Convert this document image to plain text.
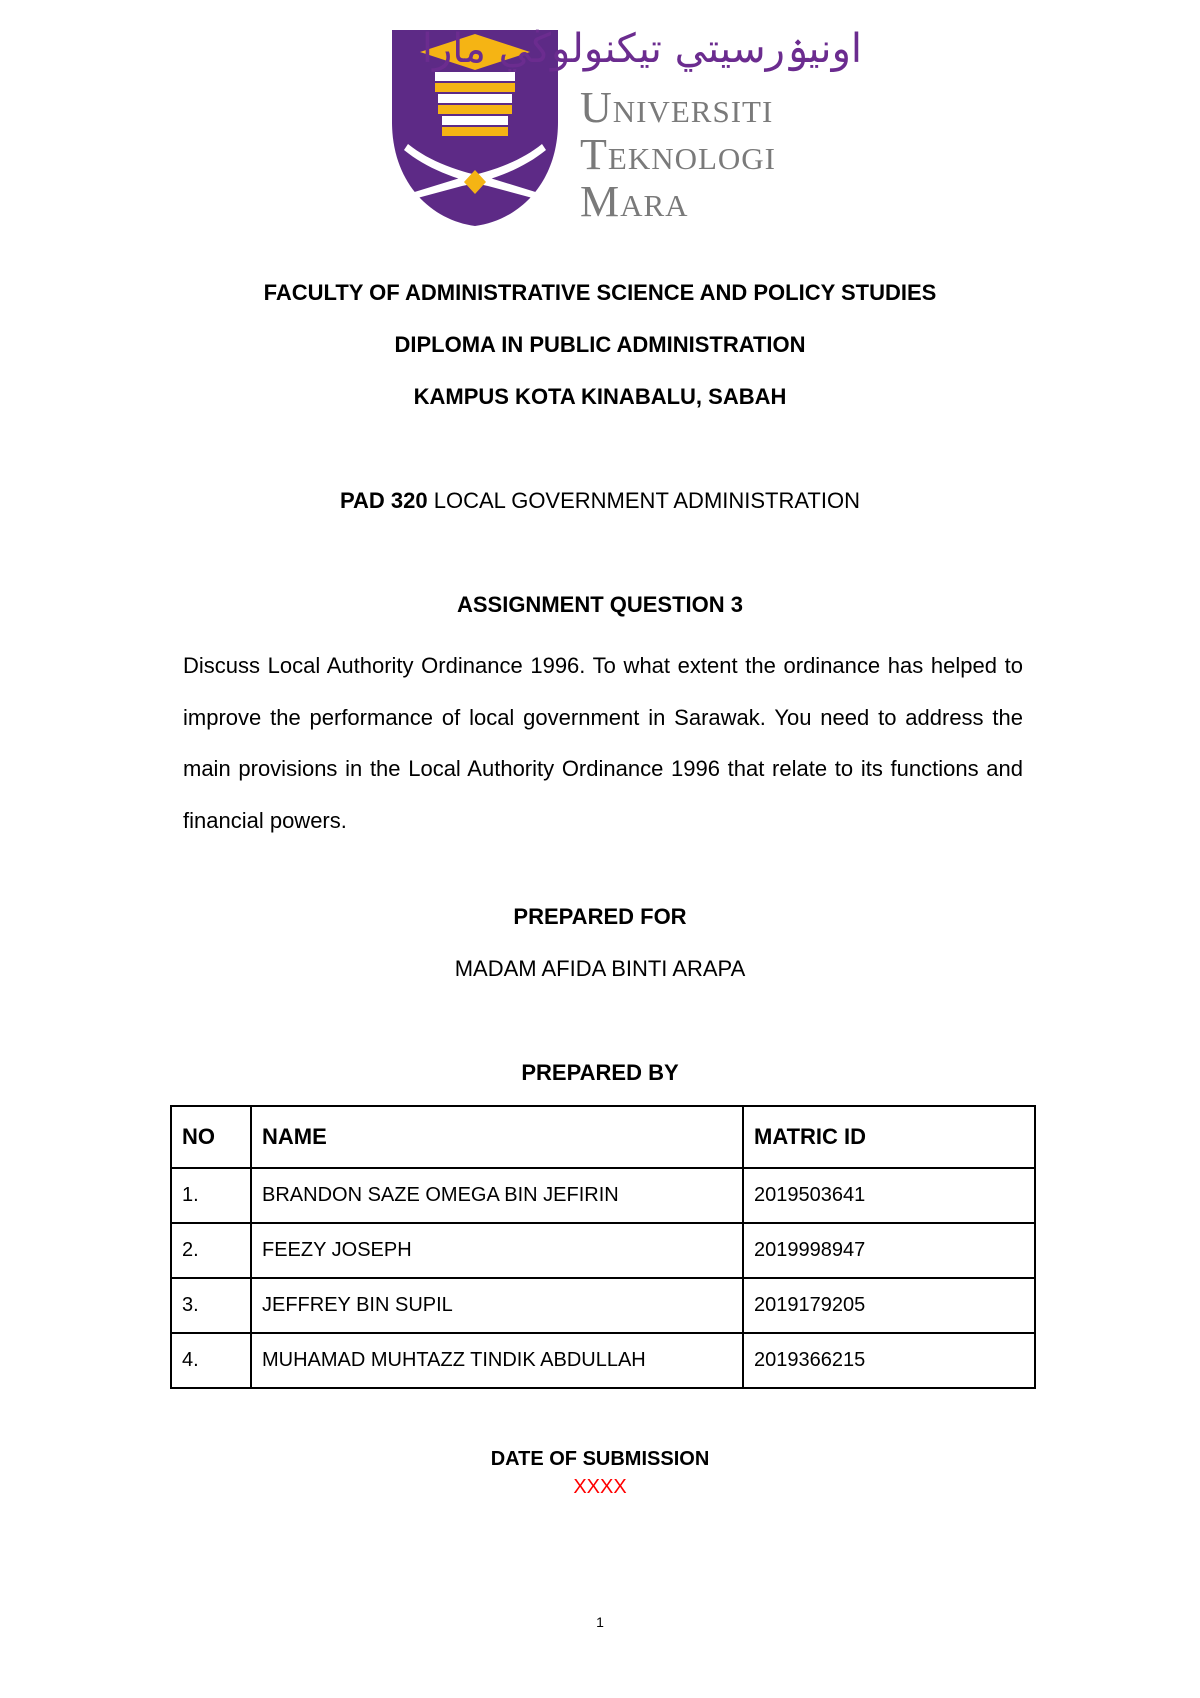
اونيۏرسيتي تيكنولوڬي مارا
Universiti
Teknologi
Mara
FACULTY OF ADMINISTRATIVE SCIENCE AND POLICY STUDIES
DIPLOMA IN PUBLIC ADMINISTRATION
KAMPUS KOTA KINABALU, SABAH
PAD 320 LOCAL GOVERNMENT ADMINISTRATION
ASSIGNMENT QUESTION 3
Discuss Local Authority Ordinance 1996. To what extent the ordinance has helped to improve the performance of local government in Sarawak. You need to address the main provisions in the Local Authority Ordinance 1996 that relate to its functions and financial powers.
PREPARED FOR
MADAM AFIDA BINTI ARAPA
PREPARED BY
NO	NAME	MATRIC ID
1.	BRANDON SAZE OMEGA BIN JEFIRIN	2019503641
2.	FEEZY JOSEPH	2019998947
3.	JEFFREY BIN SUPIL	2019179205
4.	MUHAMAD MUHTAZZ TINDIK ABDULLAH	2019366215
DATE OF SUBMISSION
XXXX
1
